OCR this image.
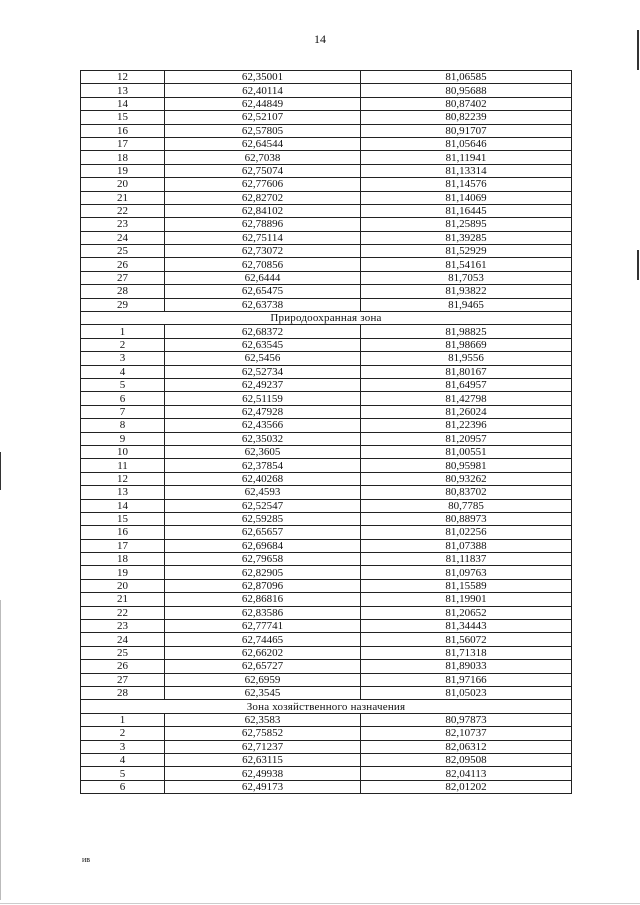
14
12	62,35001	81,06585
13	62,40114	80,95688
14	62,44849	80,87402
15	62,52107	80,82239
16	62,57805	80,91707
17	62,64544	81,05646
18	62,7038	81,11941
19	62,75074	81,13314
20	62,77606	81,14576
21	62,82702	81,14069
22	62,84102	81,16445
23	62,78896	81,25895
24	62,75114	81,39285
25	62,73072	81,52929
26	62,70856	81,54161
27	62,6444	81,7053
28	62,65475	81,93822
29	62,63738	81,9465
Природоохранная зона		
1	62,68372	81,98825
2	62,63545	81,98669
3	62,5456	81,9556
4	62,52734	81,80167
5	62,49237	81,64957
6	62,51159	81,42798
7	62,47928	81,26024
8	62,43566	81,22396
9	62,35032	81,20957
10	62,3605	81,00551
11	62,37854	80,95981
12	62,40268	80,93262
13	62,4593	80,83702
14	62,52547	80,7785
15	62,59285	80,88973
16	62,65657	81,02256
17	62,69684	81,07388
18	62,79658	81,11837
19	62,82905	81,09763
20	62,87096	81,15589
21	62,86816	81,19901
22	62,83586	81,20652
23	62,77741	81,34443
24	62,74465	81,56072
25	62,66202	81,71318
26	62,65727	81,89033
27	62,6959	81,97166
28	62,3545	81,05023
Зона хозяйственного назначения		
1	62,3583	80,97873
2	62,75852	82,10737
3	62,71237	82,06312
4	62,63115	82,09508
5	62,49938	82,04113
6	62,49173	82,01202
ив
